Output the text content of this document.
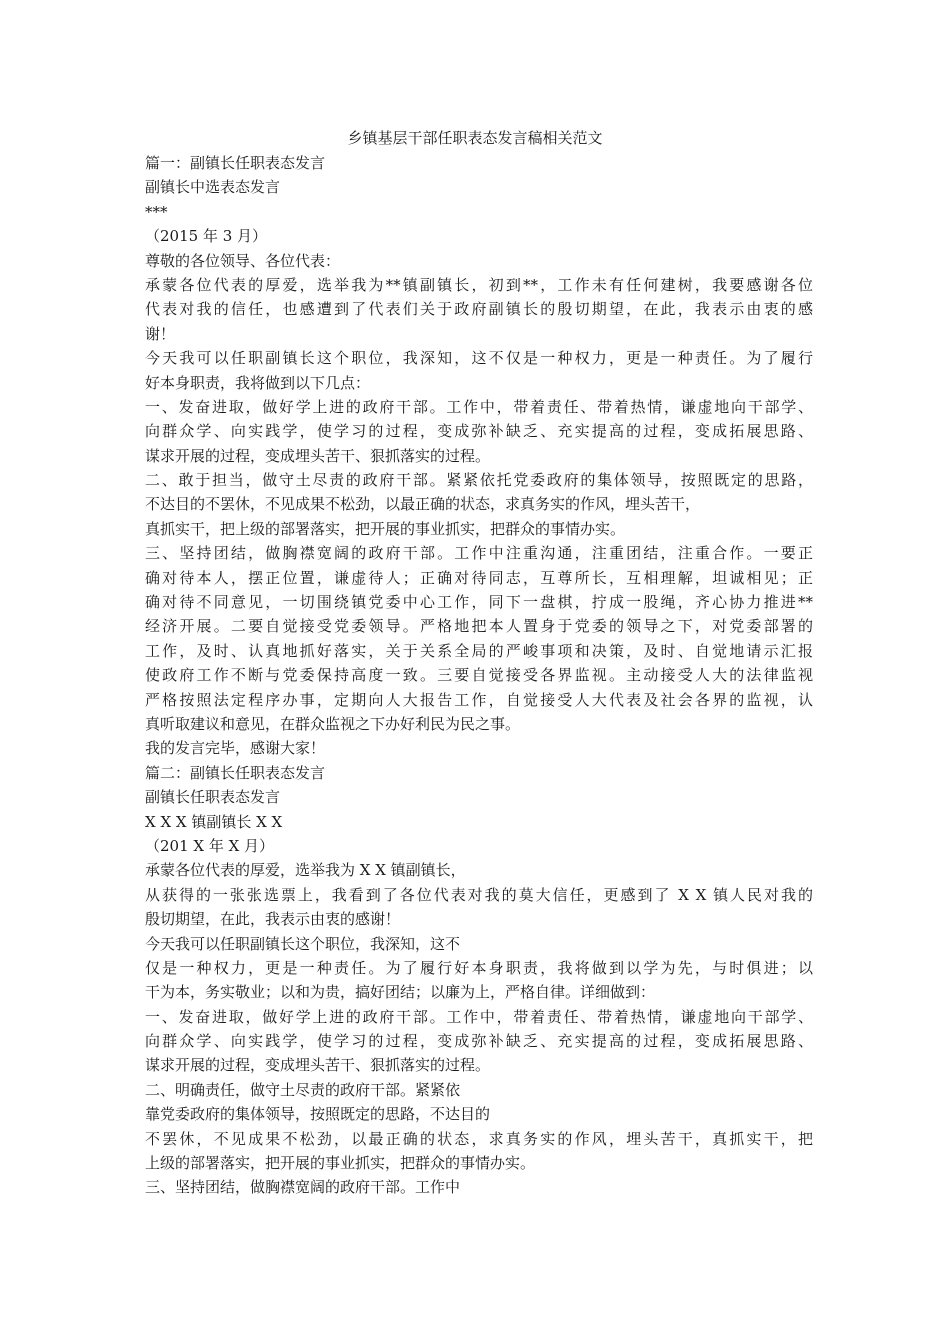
乡镇基层干部任职表态发言稿相关范文
篇一：副镇长任职表态发言
副镇长中选表态发言
***
（2015 年 3 月）
尊敬的各位领导、各位代表：
承蒙各位代表的厚爱，选举我为**镇副镇长，初到**，工作未有任何建树，我要感谢各位
代表对我的信任，也感遭到了代表们关于政府副镇长的殷切期望，在此，我表示由衷的感
谢！
今天我可以任职副镇长这个职位，我深知，这不仅是一种权力，更是一种责任。为了履行
好本身职责，我将做到以下几点：
一、发奋进取，做好学上进的政府干部。工作中，带着责任、带着热情，谦虚地向干部学、
向群众学、向实践学，使学习的过程，变成弥补缺乏、充实提高的过程，变成拓展思路、
谋求开展的过程，变成埋头苦干、狠抓落实的过程。
二、敢于担当，做守土尽责的政府干部。紧紧依托党委政府的集体领导，按照既定的思路，
不达目的不罢休，不见成果不松劲，以最正确的状态，求真务实的作风，埋头苦干，
真抓实干，把上级的部署落实，把开展的事业抓实，把群众的事情办实。
三、坚持团结，做胸襟宽阔的政府干部。工作中注重沟通，注重团结，注重合作。一要正
确对待本人，摆正位置，谦虚待人；正确对待同志，互尊所长，互相理解，坦诚相见；正
确对待不同意见，一切围绕镇党委中心工作，同下一盘棋，拧成一股绳，齐心协力推进**
经济开展。二要自觉接受党委领导。严格地把本人置身于党委的领导之下，对党委部署的
工作，及时、认真地抓好落实，关于关系全局的严峻事项和决策，及时、自觉地请示汇报
使政府工作不断与党委保持高度一致。三要自觉接受各界监视。主动接受人大的法律监视
严格按照法定程序办事，定期向人大报告工作，自觉接受人大代表及社会各界的监视，认
真听取建议和意见，在群众监视之下办好利民为民之事。
我的发言完毕，感谢大家！
篇二：副镇长任职表态发言
副镇长任职表态发言
X X X 镇副镇长 X X
（201 X 年 X 月）
承蒙各位代表的厚爱，选举我为 X X 镇副镇长，
从获得的一张张选票上，我看到了各位代表对我的莫大信任，更感到了 X X 镇人民对我的
殷切期望，在此，我表示由衷的感谢！
今天我可以任职副镇长这个职位，我深知，这不
仅是一种权力，更是一种责任。为了履行好本身职责，我将做到以学为先，与时俱进；以
干为本，务实敬业；以和为贵，搞好团结；以廉为上，严格自律。详细做到：
一、发奋进取，做好学上进的政府干部。工作中，带着责任、带着热情，谦虚地向干部学、
向群众学、向实践学，使学习的过程，变成弥补缺乏、充实提高的过程，变成拓展思路、
谋求开展的过程，变成埋头苦干、狠抓落实的过程。
二、明确责任，做守土尽责的政府干部。紧紧依
靠党委政府的集体领导，按照既定的思路，不达目的
不罢休，不见成果不松劲，以最正确的状态，求真务实的作风，埋头苦干，真抓实干，把
上级的部署落实，把开展的事业抓实，把群众的事情办实。
三、坚持团结，做胸襟宽阔的政府干部。工作中
